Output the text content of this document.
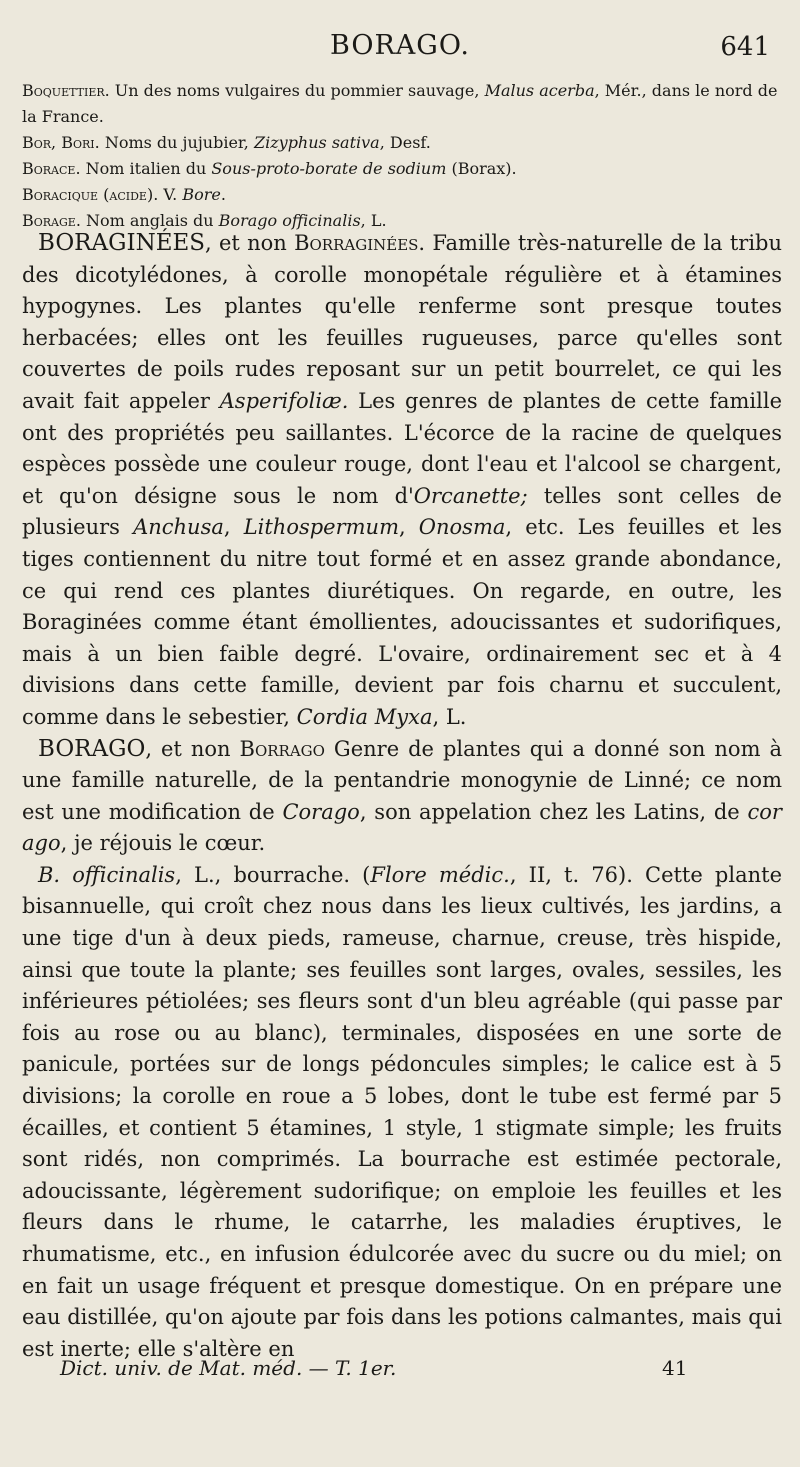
BORAGO.	641

Boquettier. Un des noms vulgaires du pommier sauvage, Malus acerba, Mér., dans le nord de la France.

Bor, Bori. Noms du jujubier, Zizyphus sativa, Desf.

Borace. Nom italien du Sous-proto-borate de sodium (Borax).

Boracique (acide). V. Bore.

Borage. Nom anglais du Borago officinalis, L.

BORAGINÉES, et non Borraginées. Famille très-naturelle de la tribu des dicotylédones, à corolle monopétale régulière et à étamines hypogynes. Les plantes qu'elle renferme sont presque toutes herbacées; elles ont les feuilles rugueuses, parce qu'elles sont couvertes de poils rudes reposant sur un petit bourrelet, ce qui les avait fait appeler Asperifoliæ. Les genres de plantes de cette famille ont des propriétés peu saillantes. L'écorce de la racine de quelques espèces possède une couleur rouge, dont l'eau et l'alcool se chargent, et qu'on désigne sous le nom d'Orcanette; telles sont celles de plusieurs Anchusa, Lithospermum, Onosma, etc. Les feuilles et les tiges contiennent du nitre tout formé et en assez grande abondance, ce qui rend ces plantes diurétiques. On regarde, en outre, les Boraginées comme étant émollientes, adoucissantes et sudorifiques, mais à un bien faible degré. L'ovaire, ordinairement sec et à 4 divisions dans cette famille, devient par fois charnu et succulent, comme dans le sebestier, Cordia Myxa, L.

BORAGO, et non Borrago Genre de plantes qui a donné son nom à une famille naturelle, de la pentandrie monogynie de Linné; ce nom est une modification de Corago, son appelation chez les Latins, de cor ago, je réjouis le cœur.

B. officinalis, L., bourrache. (Flore médic., II, t. 76). Cette plante bisannuelle, qui croît chez nous dans les lieux cultivés, les jardins, a une tige d'un à deux pieds, rameuse, charnue, creuse, très hispide, ainsi que toute la plante; ses feuilles sont larges, ovales, sessiles, les inférieures pétiolées; ses fleurs sont d'un bleu agréable (qui passe par fois au rose ou au blanc), terminales, disposées en une sorte de panicule, portées sur de longs pédoncules simples; le calice est à 5 divisions; la corolle en roue a 5 lobes, dont le tube est fermé par 5 écailles, et contient 5 étamines, 1 style, 1 stigmate simple; les fruits sont ridés, non comprimés. La bourrache est estimée pectorale, adoucissante, légèrement sudorifique; on emploie les feuilles et les fleurs dans le rhume, le catarrhe, les maladies éruptives, le rhumatisme, etc., en infusion édulcorée avec du sucre ou du miel; on en fait un usage fréquent et presque domestique. On en prépare une eau distillée, qu'on ajoute par fois dans les potions calmantes, mais qui est inerte; elle s'altère en

Dict. univ. de Mat. méd. — T. 1er.	41
